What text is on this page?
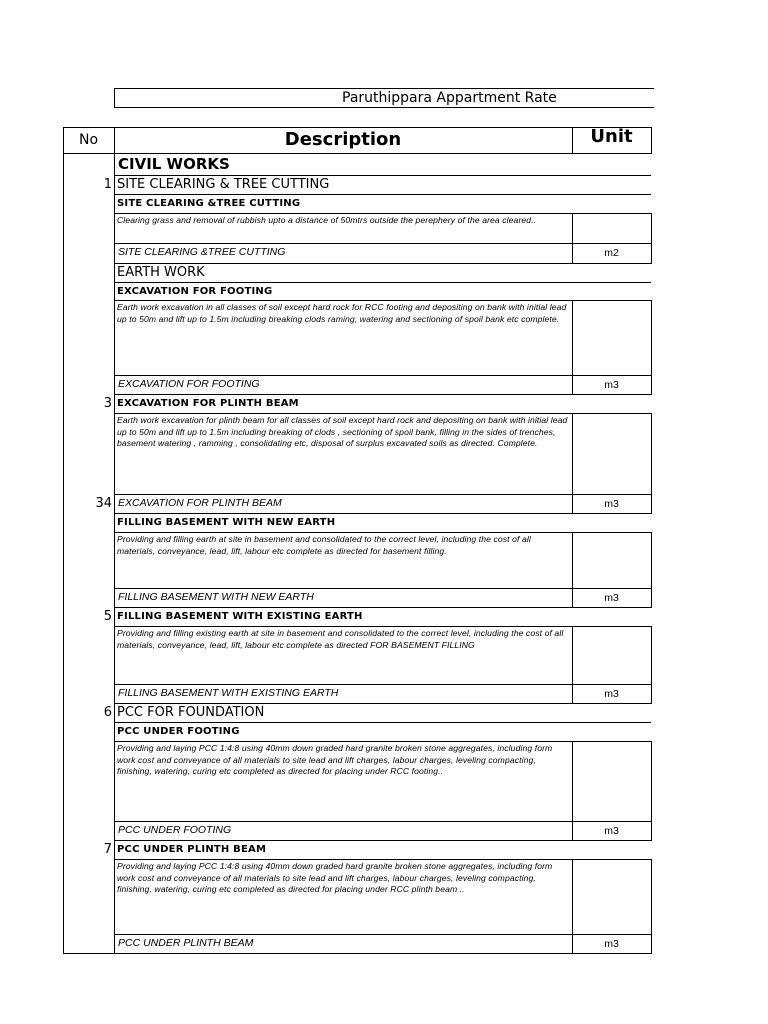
Paruthippara Appartment Rate
No	Description	Unit
CIVIL WORKS
1 SITE CLEARING & TREE CUTTING
SITE CLEARING &TREE CUTTING
Clearing grass and removal of rubbish upto a distance of 50mtrs outside the perephery of the area cleared..
SITE CLEARING &TREE CUTTING	m2
EARTH WORK
EXCAVATION FOR FOOTING
Earth work excavation in all classes of soil except hard rock for RCC footing and depositing on bank with initial lead up to 50m and lift up to 1.5m including breaking clods raming, watering and sectioning of spoil bank etc complete.
EXCAVATION FOR FOOTING	m3
3 EXCAVATION FOR PLINTH BEAM
Earth work excavation for plinth beam for all classes of soil except hard rock and depositing on bank with initial lead up to 50m and lift up to 1.5m including breaking of clods , sectioning of spoil bank, filling in the sides of trenches, basement watering , ramming , consolidating etc, disposal of surplus excavated soils as directed. Complete.
34 EXCAVATION FOR PLINTH BEAM	m3
FILLING BASEMENT WITH NEW EARTH
Providing and filling earth at site in basement and consolidated to the correct level, including the cost of all materials, conveyance, lead, lift, labour etc complete as directed for basement filling.
FILLING BASEMENT WITH NEW EARTH	m3
5 FILLING BASEMENT WITH EXISTING EARTH
Providing and filling existing earth at site in basement and consolidated to the correct level, including the cost of all materials, conveyance, lead, lift, labour etc complete as directed FOR BASEMENT FILLING
FILLING BASEMENT WITH EXISTING EARTH	m3
6 PCC FOR FOUNDATION
PCC UNDER FOOTING
Providing and laying PCC 1:4:8 using 40mm down graded hard granite broken stone aggregates, including form work cost and conveyance of all materials to site lead and lift charges, labour charges, leveling compacting, finishing, watering, curing etc completed as directed for placing under RCC footing..
PCC UNDER FOOTING	m3
7 PCC UNDER PLINTH BEAM
Providing and laying PCC 1:4:8 using 40mm down graded hard granite broken stone aggregates, including form work cost and conveyance of all materials to site lead and lift charges, labour charges, leveling compacting, finishing, watering, curing etc completed as directed for placing under RCC plinth beam ..
PCC UNDER PLINTH BEAM	m3
